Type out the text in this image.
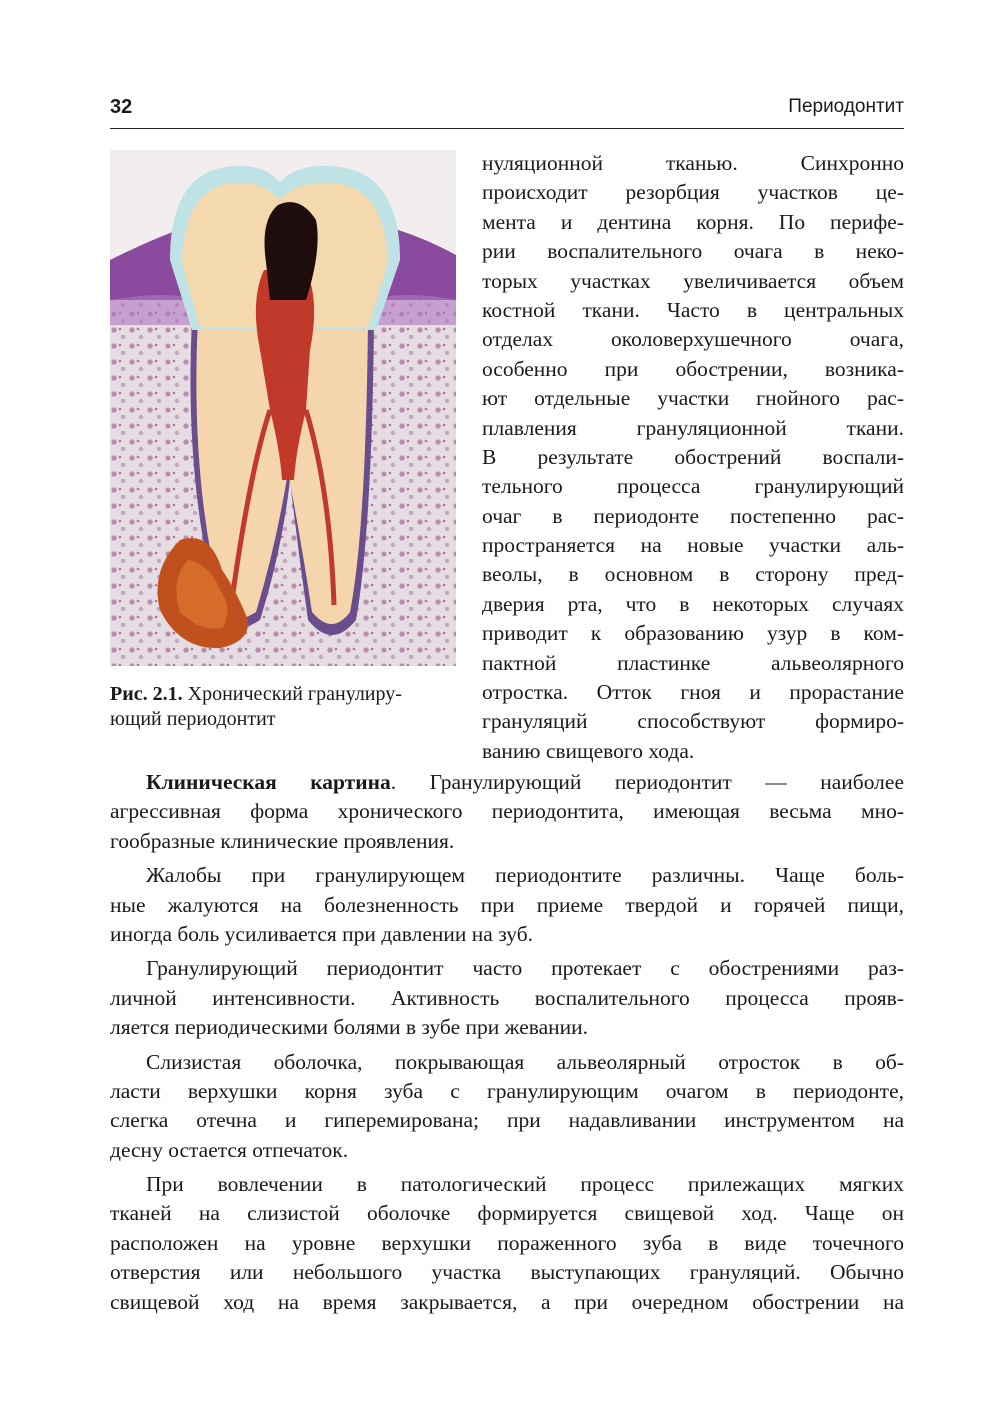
32	Периодонтит
Рис. 2.1. Хронический гранулиру-
ющий периодонтит
нуляционной тканью. Синхронно
происходит резорбция участков це-
мента и дентина корня. По перифе-
рии воспалительного очага в неко-
торых участках увеличивается объем
костной ткани. Часто в центральных
отделах околоверхушечного очага,
особенно при обострении, возника-
ют отдельные участки гнойного рас-
плавления грануляционной ткани.
В результате обострений воспали-
тельного процесса гранулирующий
очаг в периодонте постепенно рас-
пространяется на новые участки аль-
веолы, в основном в сторону пред-
дверия рта, что в некоторых случаях
приводит к образованию узур в ком-
пактной пластинке альвеолярного
отростка. Отток гноя и прорастание
грануляций способствуют формиро-
ванию свищевого хода.
Клиническая картина. Гранулирующий периодонтит — наиболее
агрессивная форма хронического периодонтита, имеющая весьма мно-
гообразные клинические проявления.
Жалобы при гранулирующем периодонтите различны. Чаще боль-
ные жалуются на болезненность при приеме твердой и горячей пищи,
иногда боль усиливается при давлении на зуб.
Гранулирующий периодонтит часто протекает с обострениями раз-
личной интенсивности. Активность воспалительного процесса прояв-
ляется периодическими болями в зубе при жевании.
Слизистая оболочка, покрывающая альвеолярный отросток в об-
ласти верхушки корня зуба с гранулирующим очагом в периодонте,
слегка отечна и гиперемирована; при надавливании инструментом на
десну остается отпечаток.
При вовлечении в патологический процесс прилежащих мягких
тканей на слизистой оболочке формируется свищевой ход. Чаще он
расположен на уровне верхушки пораженного зуба в виде точечного
отверстия или небольшого участка выступающих грануляций. Обычно
свищевой ход на время закрывается, а при очередном обострении на
